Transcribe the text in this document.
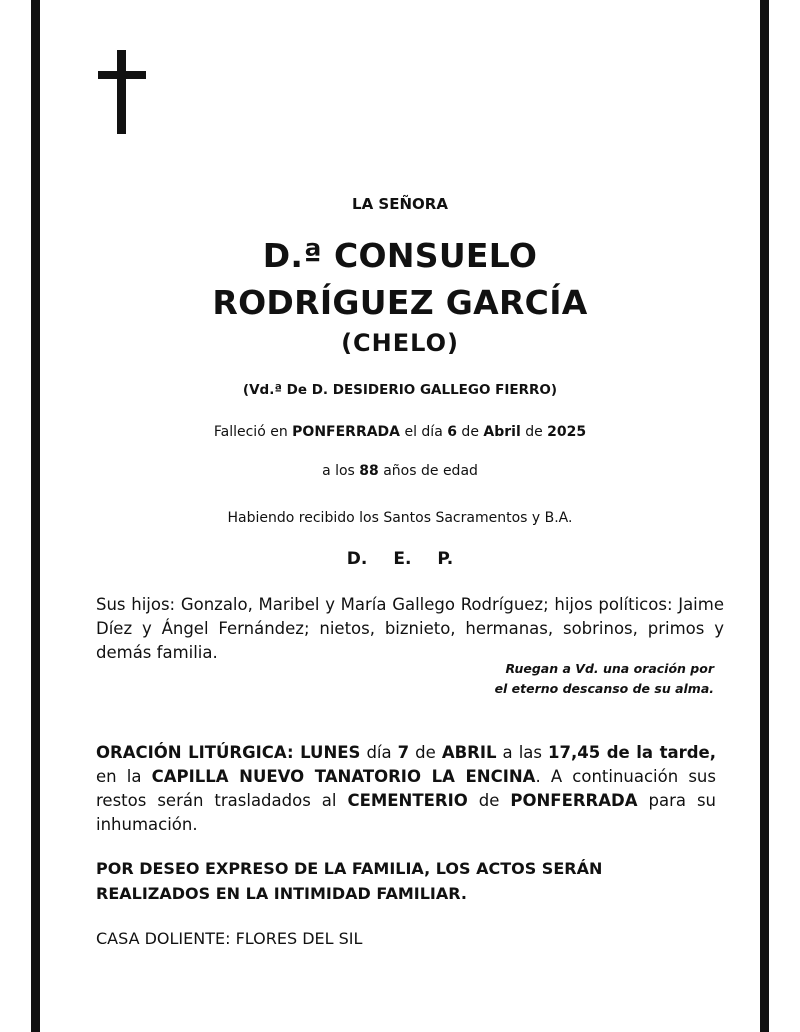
LA SEÑORA
D.ª CONSUELO
RODRÍGUEZ GARCÍA
(CHELO)
(Vd.ª De D. DESIDERIO GALLEGO FIERRO)
Falleció en PONFERRADA el día 6 de Abril de 2025
a los 88 años de edad
Habiendo recibido los Santos Sacramentos y B.A.
D. E. P.
Sus hijos: Gonzalo, Maribel y María Gallego Rodríguez; hijos políticos: Jaime Díez y Ángel Fernández; nietos, biznieto, hermanas, sobrinos, primos y demás familia.
Ruegan a Vd. una oración por
el eterno descanso de su alma.
ORACIÓN LITÚRGICA: LUNES día 7 de ABRIL a las 17,45 de la tarde, en la CAPILLA NUEVO TANATORIO LA ENCINA. A continuación sus restos serán trasladados al CEMENTERIO de PONFERRADA para su inhumación.
POR DESEO EXPRESO DE LA FAMILIA, LOS ACTOS SERÁN REALIZADOS EN LA INTIMIDAD FAMILIAR.
CASA DOLIENTE: FLORES DEL SIL
